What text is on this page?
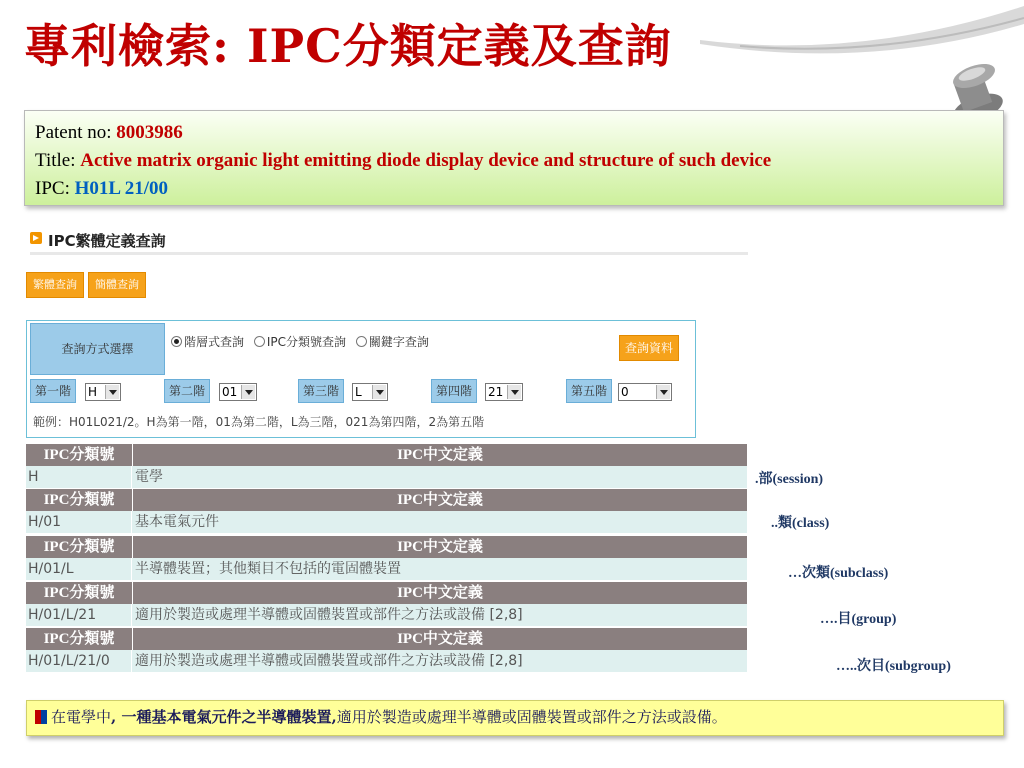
專利檢索: IPC分類定義及查詢
Patent no: 8003986
Title: Active matrix organic light emitting diode display device and structure of such device
IPC: H01L 21/00
IPC繁體定義查詢
繁體查詢	簡體查詢
查詢方式選擇	階層式查詢 IPC分類號查詢 關鍵字查詢	查詢資料
第一階	H	第二階	01	第三階	L	第四階	21	第五階	0
範例：H01L021/2。H為第一階，01為第二階，L為三階，021為第四階，2為第五階
IPC分類號	IPC中文定義
H	電學
IPC分類號	IPC中文定義
H/01	基本電氣元件
IPC分類號	IPC中文定義
H/01/L	半導體裝置；其他類目不包括的電固體裝置
IPC分類號	IPC中文定義
H/01/L/21	適用於製造或處理半導體或固體裝置或部件之方法或設備 [2,8]
IPC分類號	IPC中文定義
H/01/L/21/0	適用於製造或處理半導體或固體裝置或部件之方法或設備 [2,8]
.部(session)
..類(class)
…次類(subclass)
….目(group)
…..次目(subgroup)
在電學中, 一種基本電氣元件之半導體裝置,適用於製造或處理半導體或固體裝置或部件之方法或設備。
